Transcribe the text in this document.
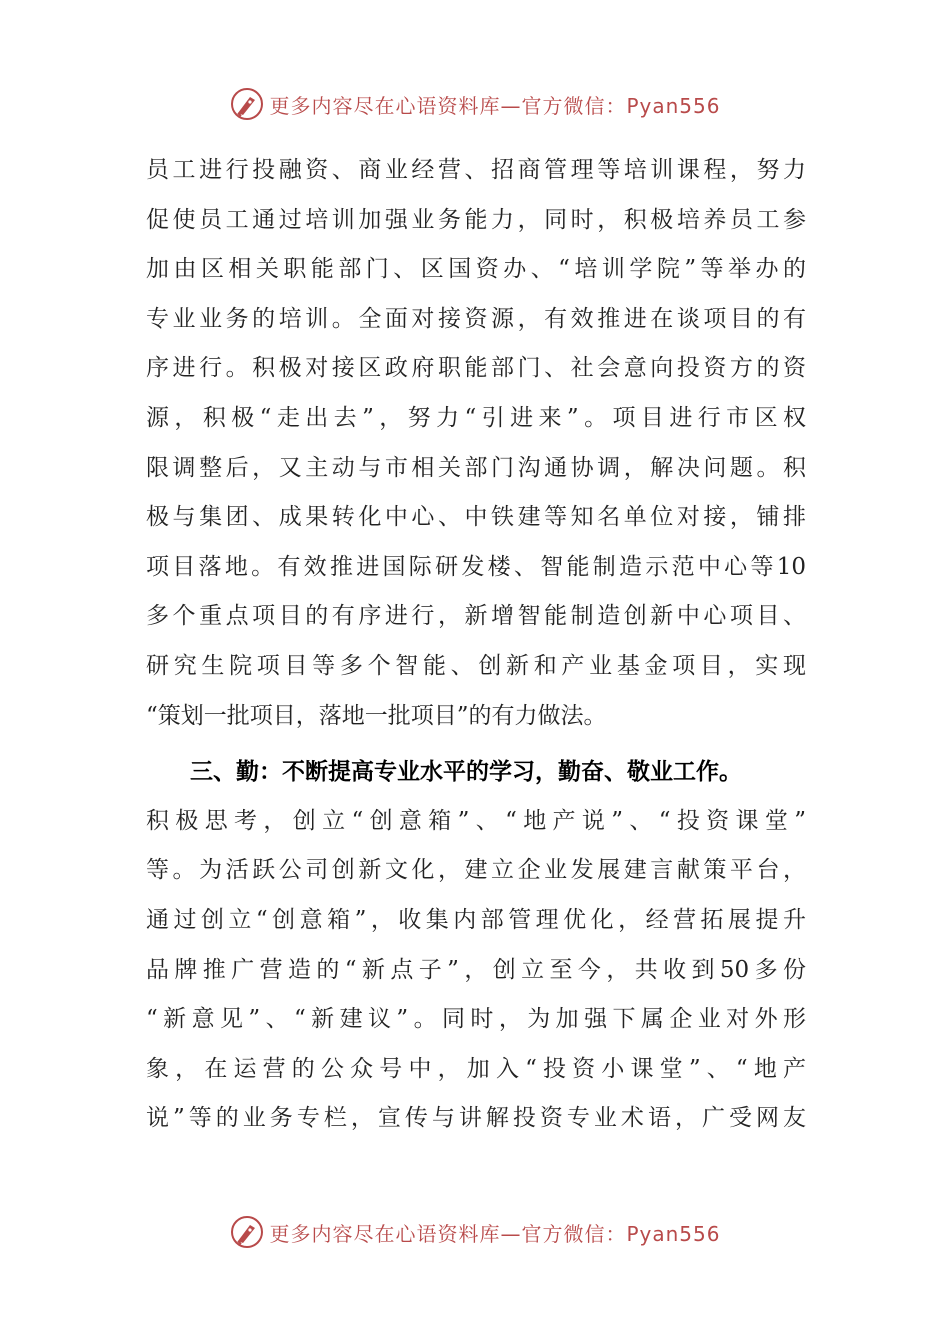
更多内容尽在心语资料库—官方微信：Pyan556
员工进行投融资、商业经营、招商管理等培训课程，努力
促使员工通过培训加强业务能力，同时，积极培养员工参
加由区相关职能部门、区国资办、“培训学院”等举办的
专业业务的培训。全面对接资源，有效推进在谈项目的有
序进行。积极对接区政府职能部门、社会意向投资方的资
源，积极“走出去”，努力“引进来”。项目进行市区权
限调整后，又主动与市相关部门沟通协调，解决问题。积
极与集团、成果转化中心、中铁建等知名单位对接，铺排
项目落地。有效推进国际研发楼、智能制造示范中心等10
多个重点项目的有序进行，新增智能制造创新中心项目、
研究生院项目等多个智能、创新和产业基金项目，实现
“策划一批项目，落地一批项目”的有力做法。
三、勤：不断提高专业水平的学习，勤奋、敬业工作。
积极思考，创立“创意箱”、“地产说”、“投资课堂”
等。为活跃公司创新文化，建立企业发展建言献策平台，
通过创立“创意箱”，收集内部管理优化，经营拓展提升
品牌推广营造的“新点子”，创立至今，共收到50多份
“新意见”、“新建议”。同时，为加强下属企业对外形
象，在运营的公众号中，加入“投资小课堂”、“地产
说”等的业务专栏，宣传与讲解投资专业术语，广受网友
更多内容尽在心语资料库—官方微信：Pyan556
